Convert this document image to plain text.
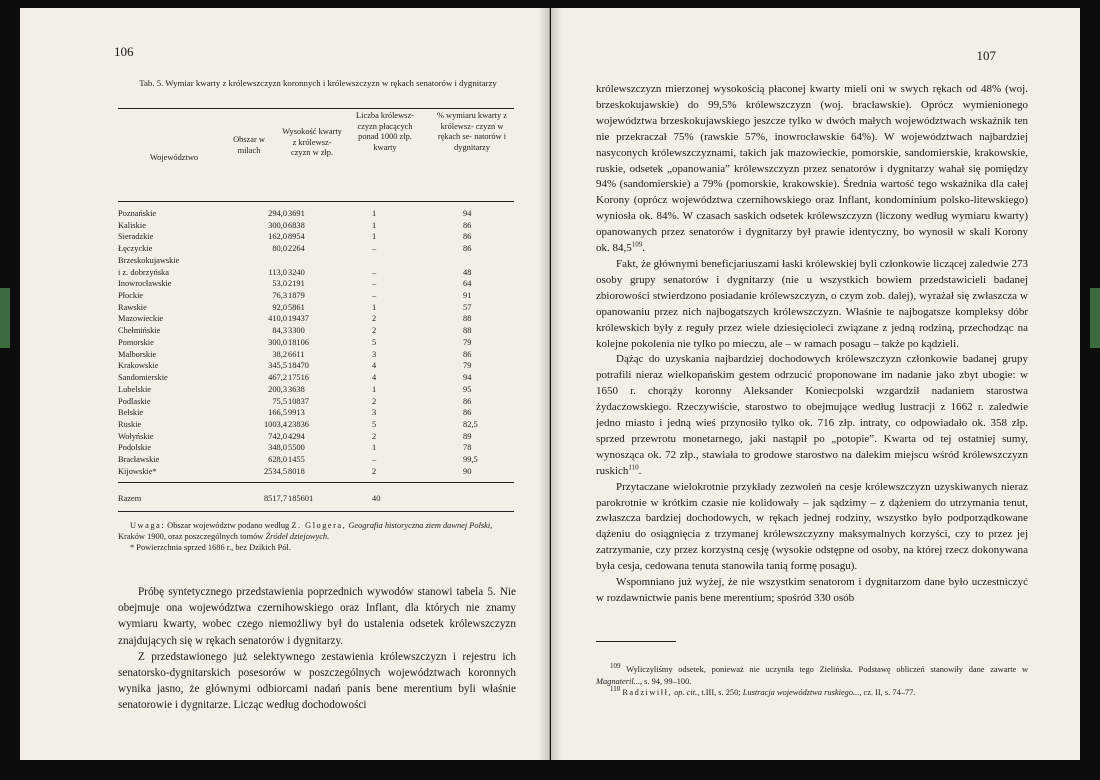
106
Tab. 5. Wymiar kwarty z królewszczyzn koronnych i królewszczyzn w rękach senatorów i dygnitarzy
Województwo
Obszar w milach
Wysokość kwarty z królewsz- czyzn w złp.
Liczba królewsz- czyzn płacących ponad 1000 złp. kwarty
% wymiaru kwarty z królewsz- czyzn w rękach se- natorów i dygnitarzy
Poznańskie	294,0 3691	1	94
Kaliskie	300,0 6838	1	86
Sieradzkie	162,0 8954	1	86
Łęczyckie	80,0 2264	–	86
Brzeskokujawskie
i z. dobrzyńska	113,0 3240	–	48
Inowrocławskie	53,0 2191	–	64
Płockie	76,3 1879	–	91
Rawskie	92,0 5861	1	57
Mazowieckie	410,0 19437	2	88
Chełmińskie	84,3 3300	2	88
Pomorskie	300,0 18106	5	79
Malborskie	38,2 6611	3	86
Krakowskie	345,5 18470	4	79
Sandomierskie	467,2 17516	4	94
Lubelskie	200,3 3638	1	95
Podlaskie	75,5 10837	2	86
Bełskie	166,5 9913	3	86
Ruskie	1003,4 23836	5	82,5
Wołyńskie	742,0 4294	2	89
Podolskie	348,0 5500	1	78
Bracławskie	628,0 1455	–	99,5
Kijowskie*	2534,5 8018	2	90
Razem	8517,7 185601	40

Uwaga: Obszar województw podano według Z. Glogera, Geografia historyczna ziem dawnej Polski, Kraków 1900, oraz poszczególnych tomów Źródeł dziejowych.

* Powierzchnia sprzed 1686 r., bez Dzikich Pól.

Próbę syntetycznego przedstawienia poprzednich wywodów stanowi tabela 5. Nie obejmuje ona województwa czernihowskiego oraz Inflant, dla których nie znamy wymiaru kwarty, wobec czego niemożliwy był do ustalenia odsetek królewszczyzn znajdujących się w rękach senatorów i dygnitarzy.

Z przedstawionego już selektywnego zestawienia królewszczyzn i rejestru ich senatorsko-dygnitarskich posesorów w poszczególnych województwach koronnych wynika jasno, że głównymi odbiorcami nadań panis bene merentium byli właśnie senatorowie i dygnitarze. Licząc według dochodowości

107

królewszczyzn mierzonej wysokością płaconej kwarty mieli oni w swych rękach od 48% (woj. brzeskokujawskie) do 99,5% królewszczyzn (woj. bracławskie). Oprócz wymienionego województwa brzeskokujawskiego jeszcze tylko w dwóch małych województwach wskaźnik ten nie przekraczał 75% (rawskie 57%, inowrocławskie 64%). W województwach najbardziej nasyconych królewszczyznami, takich jak mazowieckie, pomorskie, sandomierskie, krakowskie, ruskie, odsetek „opanowania” królewszczyzn przez senatorów i dygnitarzy wahał się pomiędzy 94% (sandomierskie) a 79% (pomorskie, krakowskie). Średnia wartość tego wskaźnika dla całej Korony (oprócz województwa czernihowskiego oraz Inflant, kondominium polsko-litewskiego) wyniosła ok. 84%. W czasach saskich odsetek królewszczyzn (liczony według wymiaru kwarty) opanowanych przez senatorów i dygnitarzy był prawie identyczny, bo wynosił w skali Korony ok. 84,5$^{109}$.

Fakt, że głównymi beneficjariuszami łaski królewskiej byli członkowie liczącej zaledwie 273 osoby grupy senatorów i dygnitarzy (nie u wszystkich bowiem przedstawicieli badanej zbiorowości stwierdzono posiadanie królewszczyzn, o czym zob. dalej), wyrażał się zwłaszcza w opanowaniu przez nich najbogatszych królewszczyzn. Właśnie te najbogatsze kompleksy dóbr królewskich były z reguły przez wiele dziesięcioleci związane z jedną rodziną, przechodząc na kolejne pokolenia nie tylko po mieczu, ale – w ramach posagu – także po kądzieli.

Dążąc do uzyskania najbardziej dochodowych królewszczyzn członkowie badanej grupy potrafili nieraz wielkopańskim gestem odrzucić proponowane im nadanie jako zbyt ubogie: w 1650 r. chorąży koronny Aleksander Koniecpolski wzgardził nadaniem starostwa żydaczowskiego. Rzeczywiście, starostwo to obejmujące według lustracji z 1662 r. zaledwie jedno miasto i jedną wieś przynosiło tylko ok. 716 złp. intraty, co odpowiadało ok. 358 złp. sprzed przewrotu monetarnego, jaki nastąpił po „potopie”. Kwarta od tej ostatniej sumy, wynosząca ok. 72 złp., stawiała to grodowe starostwo na dalekim miejscu wśród królewszczyzn ruskich$^{110}$.

Przytaczane wielokrotnie przykłady zezwoleń na cesje królewszczyzn uzyskiwanych nieraz parokrotnie w krótkim czasie nie kolidowały – jak sądzimy – z dążeniem do utrzymania tenut, zwłaszcza bardziej dochodowych, w rękach jednej rodziny, wszystko było podporządkowane dążeniu do osiągnięcia z trzymanej królewszczyzny maksymalnych korzyści, czy to przez jej zatrzymanie, czy przez korzystną cesję (wysokie odstępne od osoby, na której rzecz dokonywana była cesja, cedowana tenuta stanowiła tanią formę posagu).

Wspomniano już wyżej, że nie wszystkim senatorom i dygnitarzom dane było uczestniczyć w rozdawnictwie panis bene merentium; spośród 330 osób

$^{109}$ Wyliczyliśmy odsetek, ponieważ nie uczyniła tego Zielińska. Podstawę obliczeń stanowiły dane zawarte w Magnateril..., s. 94, 99–100.

$^{110}$ Radziwiłł, op. cit., t.III, s. 250; Lustracja województwa ruskiego..., cz. II, s. 74–77.
